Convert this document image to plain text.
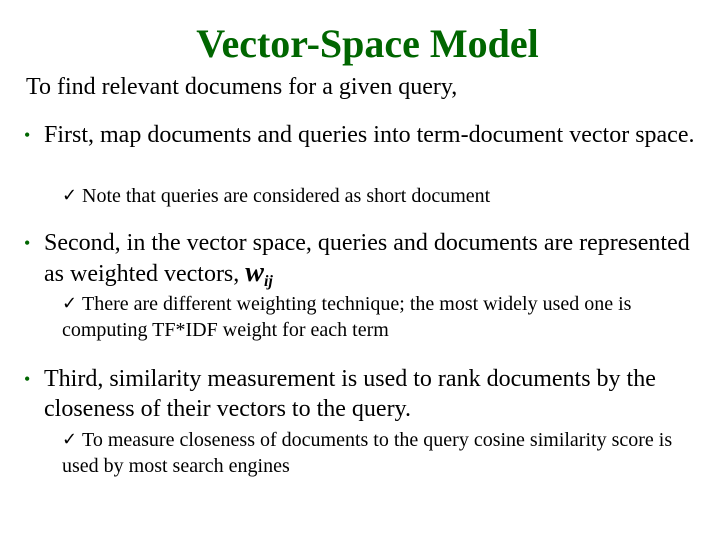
Vector-Space Model
To find relevant documens for a given query,
• First, map documents and queries into term-document vector space.
✓ Note that queries are considered as short document
• Second, in the vector space, queries and documents are represented as weighted vectors, $w_{ij}$
✓ There are different weighting technique; the most widely used one is computing TF*IDF weight for each term
• Third, similarity measurement is used to rank documents by the closeness of their vectors to the query.
✓ To measure closeness of documents to the query cosine similarity score is used by most search engines
